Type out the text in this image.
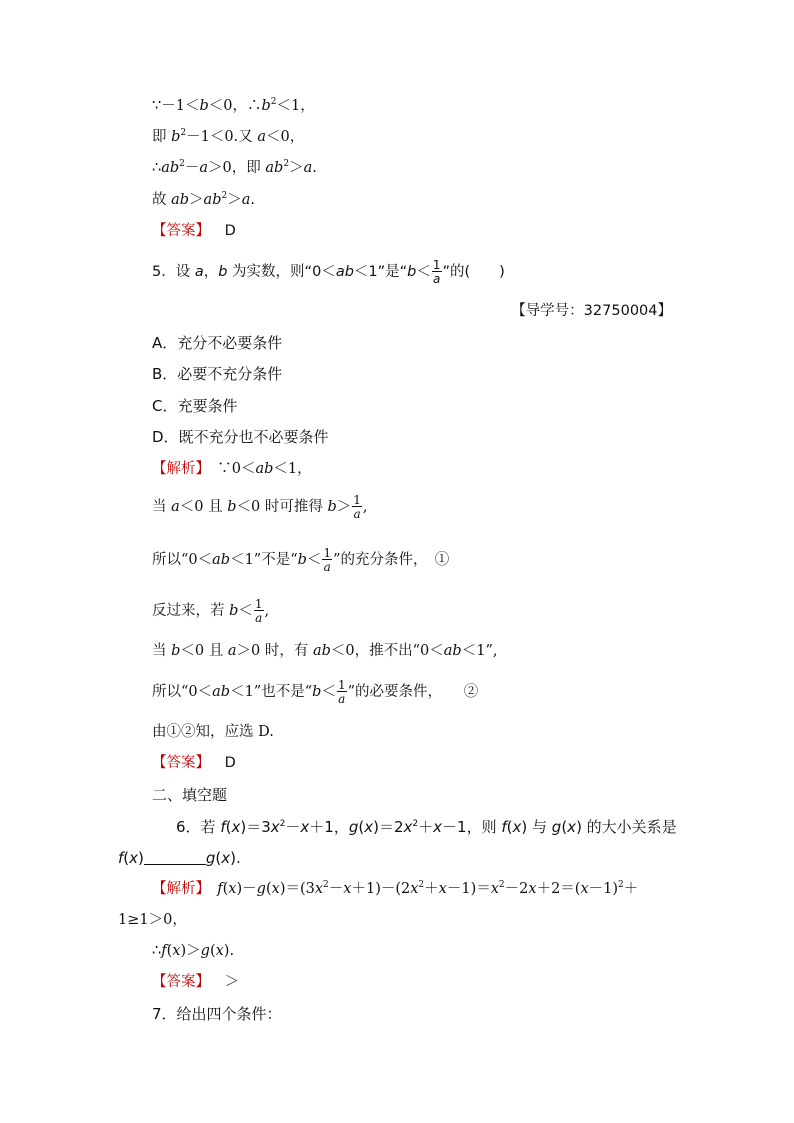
∵－1＜b＜0，$\therefore b^2<1$，
即 $b^2-1<0$.又 a＜0，
$\therefore ab^2-a>0$，即 $ab^2>a$.
故 $ab>ab^2>a$.
【答案】 D
5．设 a，b 为实数，则“0＜ab＜1”是“$b< \frac{1}{a}$ ”的(　　)
【导学号：32750004】
A．充分不必要条件
B．必要不充分条件
C．充要条件
D．既不充分也不必要条件
【解析】　∵0＜ab＜1，
当 a＜0 且 b＜0 时可推得 $b> \frac{1}{a}$ ,
所以“0＜ab＜1”不是“$b< \frac{1}{a}$ ”的充分条件，　①
反过来，若 $b< \frac{1}{a}$ ,
当 b＜0 且 a＞0 时，有 ab＜0，推不出“0＜ab＜1”,
所以“0＜ab＜1”也不是“$b< \frac{1}{a}$ ”的必要条件，　　②
由①②知，应选 D.
【答案】 D
二、填空题
6．若 $f(x)=3x^2-x+1$，$g(x)=2x^2+x-1$，则 f(x) 与 g(x) 的大小关系是
f(x)	g(x).
【解析】　 $f(x)-g(x)=(3x^2-x+1)-(2x^2+x-1)=x^2-2x+2=(x-1)^2+$
1≥1＞0，
∴f(x)＞g(x).
【答案】 ＞
7．给出四个条件：
